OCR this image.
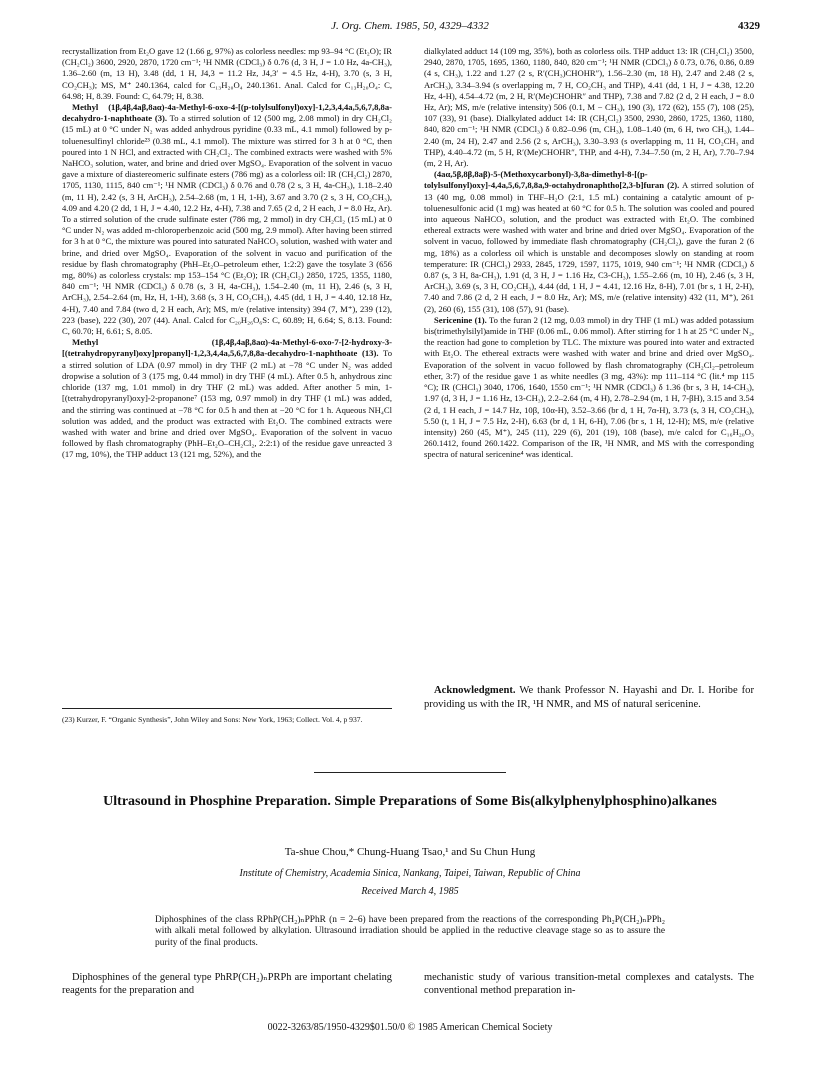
J. Org. Chem. 1985, 50, 4329–4332	4329

recrystallization from Et₂O gave 12 (1.66 g, 97%) as colorless needles: mp 93–94 °C (Et₂O); IR (CH₂Cl₂) 3600, 2920, 2870, 1720 cm⁻¹; ¹H NMR (CDCl₃) δ 0.76 (d, 3 H, J = 1.0 Hz, 4a-CH₃), 1.36–2.60 (m, 13 H), 3.48 (dd, 1 H, J4,3 = 11.2 Hz, J4,3′ = 4.5 Hz, 4-H), 3.70 (s, 3 H, CO₂CH₃); MS, M⁺ 240.1364, calcd for C₁₃H₂₀O₄ 240.1361. Anal. Calcd for C₁₃H₂₀O₄: C, 64.98; H, 8.39. Found: C, 64.79; H, 8.38.

Methyl (1β,4β,4aβ,8aα)-4a-Methyl-6-oxo-4-[(p-tolylsulfonyl)oxy]-1,2,3,4,4a,5,6,7,8,8a-decahydro-1-naphthoate (3). To a stirred solution of 12 (500 mg, 2.08 mmol) in dry CH₂Cl₂ (15 mL) at 0 °C under N₂ was added anhydrous pyridine (0.33 mL, 4.1 mmol) followed by p-toluenesulfinyl chloride²³ (0.38 mL, 4.1 mmol). The mixture was stirred for 3 h at 0 °C, then poured into 1 N HCl, and extracted with CH₂Cl₂. The combined extracts were washed with 5% NaHCO₃ solution, water, and brine and dried over MgSO₄. Evaporation of the solvent in vacuo gave a mixture of diastereomeric sulfinate esters (786 mg) as a colorless oil: IR (CH₂Cl₂) 2870, 1705, 1130, 1115, 840 cm⁻¹; ¹H NMR (CDCl₃) δ 0.76 and 0.78 (2 s, 3 H, 4a-CH₃), 1.18–2.40 (m, 11 H), 2.42 (s, 3 H, ArCH₃), 2.54–2.68 (m, 1 H, 1-H), 3.67 and 3.70 (2 s, 3 H, CO₂CH₃), 4.09 and 4.20 (2 dd, 1 H, J = 4.40, 12.2 Hz, 4-H), 7.38 and 7.65 (2 d, 2 H each, J = 8.0 Hz, Ar). To a stirred solution of the crude sulfinate ester (786 mg, 2 mmol) in dry CH₂Cl₂ (15 mL) at 0 °C under N₂ was added m-chloroperbenzoic acid (500 mg, 2.9 mmol). After having been stirred for 3 h at 0 °C, the mixture was poured into saturated NaHCO₃ solution, washed with water and brine, and dried over MgSO₄. Evaporation of the solvent in vacuo and purification of the residue by flash chromatography (PhH–Et₂O–petroleum ether, 1:2:2) gave the tosylate 3 (656 mg, 80%) as colorless crystals: mp 153–154 °C (Et₂O); IR (CH₂Cl₂) 2850, 1725, 1355, 1180, 840 cm⁻¹; ¹H NMR (CDCl₃) δ 0.78 (s, 3 H, 4a-CH₃), 1.54–2.40 (m, 11 H), 2.46 (s, 3 H, ArCH₃), 2.54–2.64 (m, Hz, H, 1-H), 3.68 (s, 3 H, CO₂CH₃), 4.45 (dd, 1 H, J = 4.40, 12.18 Hz, 4-H), 7.40 and 7.84 (two d, 2 H each, Ar); MS, m/e (relative intensity) 394 (7, M⁺), 239 (12), 223 (base), 222 (30), 207 (44). Anal. Calcd for C₂₀H₂₆O₆S: C, 60.89; H, 6.64; S, 8.13. Found: C, 60.70; H, 6.61; S, 8.05.

Methyl (1β,4β,4aβ,8aα)-4a-Methyl-6-oxo-7-[2-hydroxy-3-[(tetrahydropyranyl)oxy]propanyl]-1,2,3,4,4a,5,6,7,8,8a-decahydro-1-naphthoate (13). To a stirred solution of LDA (0.97 mmol) in dry THF (2 mL) at −78 °C under N₂ was added dropwise a solution of 3 (175 mg, 0.44 mmol) in dry THF (4 mL). After 0.5 h, anhydrous zinc chloride (137 mg, 1.01 mmol) in dry THF (2 mL) was added. After another 5 min, 1-[(tetrahydropyranyl)oxy]-2-propanone⁷ (153 mg, 0.97 mmol) in dry THF (1 mL) was added, and the stirring was continued at −78 °C for 0.5 h and then at −20 °C for 1 h. Aqueous NH₄Cl solution was added, and the product was extracted with Et₂O. The combined extracts were washed with water and brine and dried over MgSO₄. Evaporation of the solvent in vacuo followed by flash chromatography (PhH–Et₂O–CH₂Cl₂, 2:2:1) of the residue gave unreacted 3 (17 mg, 10%), the THP adduct 13 (121 mg, 52%), and the

dialkylated adduct 14 (109 mg, 35%), both as colorless oils. THP adduct 13: IR (CH₂Cl₂) 3500, 2940, 2870, 1705, 1695, 1360, 1180, 840, 820 cm⁻¹; ¹H NMR (CDCl₃) δ 0.73, 0.76, 0.86, 0.89 (4 s, CH₃), 1.22 and 1.27 (2 s, R′(CH₃)CHOHR″), 1.56–2.30 (m, 18 H), 2.47 and 2.48 (2 s, ArCH₃), 3.34–3.94 (s overlapping m, 7 H, CO₂CH₃ and THP), 4.41 (dd, 1 H, J = 4.38, 12.20 Hz, 4-H), 4.54–4.72 (m, 2 H, R′(Me)CHOHR″ and THP), 7.38 and 7.82 (2 d, 2 H each, J = 8.0 Hz, Ar); MS, m/e (relative intensity) 506 (0.1, M − CH₃), 190 (3), 172 (62), 155 (7), 108 (25), 107 (33), 91 (base). Dialkylated adduct 14: IR (CH₂Cl₂) 3500, 2930, 2860, 1725, 1360, 1180, 840, 820 cm⁻¹; ¹H NMR (CDCl₃) δ 0.82–0.96 (m, CH₃), 1.08–1.40 (m, 6 H, two CH₃), 1.44–2.40 (m, 24 H), 2.47 and 2.56 (2 s, ArCH₃), 3.30–3.93 (s overlapping m, 11 H, CO₂CH₃ and THP), 4.40–4.72 (m, 5 H, R′(Me)CHOHR″, THP, and 4-H), 7.34–7.50 (m, 2 H, Ar), 7.70–7.94 (m, 2 H, Ar).

(4aα,5β,8β,8aβ)-5-(Methoxycarbonyl)-3,8a-dimethyl-8-[(p-tolylsulfonyl)oxy]-4,4a,5,6,7,8,8a,9-octahydronaphtho[2,3-b]furan (2). A stirred solution of 13 (40 mg, 0.08 mmol) in THF–H₂O (2:1, 1.5 mL) containing a catalytic amount of p-toluenesulfonic acid (1 mg) was heated at 60 °C for 0.5 h. The solution was cooled and poured into aqueous NaHCO₃ solution, and the product was extracted with Et₂O. The combined ethereal extracts were washed with water and brine and dried over MgSO₄. Evaporation of the solvent in vacuo, followed by immediate flash chromatography (CH₂Cl₂), gave the furan 2 (6 mg, 18%) as a colorless oil which is unstable and decomposes slowly on standing at room temperature: IR (CHCl₃) 2933, 2845, 1729, 1597, 1175, 1019, 940 cm⁻¹; ¹H NMR (CDCl₃) δ 0.87 (s, 3 H, 8a-CH₃), 1.91 (d, 3 H, J = 1.16 Hz, C3-CH₃), 1.55–2.66 (m, 10 H), 2.46 (s, 3 H, ArCH₃), 3.69 (s, 3 H, CO₂CH₃), 4.44 (dd, 1 H, J = 4.41, 12.16 Hz, 8-H), 7.01 (br s, 1 H, 2-H), 7.40 and 7.86 (2 d, 2 H each, J = 8.0 Hz, Ar); MS, m/e (relative intensity) 432 (11, M⁺), 261 (2), 260 (6), 155 (31), 108 (57), 91 (base).

Sericenine (1). To the furan 2 (12 mg, 0.03 mmol) in dry THF (1 mL) was added potassium bis(trimethylsilyl)amide in THF (0.06 mL, 0.06 mmol). After stirring for 1 h at 25 °C under N₂, the reaction had gone to completion by TLC. The mixture was poured into water and extracted with Et₂O. The ethereal extracts were washed with water and brine and dried over MgSO₄. Evaporation of the solvent in vacuo followed by flash chromatography (CH₂Cl₂–petroleum ether, 3:7) of the residue gave 1 as white needles (3 mg, 43%): mp 111–114 °C (lit.⁴ mp 115 °C); IR (CHCl₃) 3040, 1706, 1640, 1550 cm⁻¹; ¹H NMR (CDCl₃) δ 1.36 (br s, 3 H, 14-CH₃), 1.97 (d, 3 H, J = 1.16 Hz, 13-CH₃), 2.2–2.64 (m, 4 H), 2.78–2.94 (m, 1 H, 7-βH), 3.15 and 3.54 (2 d, 1 H each, J = 14.7 Hz, 10β, 10α-H), 3.52–3.66 (br d, 1 H, 7α-H), 3.73 (s, 3 H, CO₂CH₃), 5.50 (t, 1 H, J = 7.5 Hz, 2-H), 6.63 (br d, 1 H, 6-H), 7.06 (br s, 1 H, 12-H); MS, m/e (relative intensity) 260 (45, M⁺), 245 (11), 229 (6), 201 (19), 108 (base), m/e calcd for C₁₆H₂₀O₃ 260.1412, found 260.1422. Comparison of the IR, ¹H NMR, and MS with the corresponding spectra of natural sericenine⁴ was identical.

(23) Kurzer, F. “Organic Synthesis”, John Wiley and Sons: New York, 1963; Collect. Vol. 4, p 937.
Acknowledgment. We thank Professor N. Hayashi and Dr. I. Horibe for providing us with the IR, ¹H NMR, and MS of natural sericenine.
Ultrasound in Phosphine Preparation. Simple Preparations of Some Bis(alkylphenylphosphino)alkanes
Ta-shue Chou,* Chung-Huang Tsao,¹ and Su Chun Hung
Institute of Chemistry, Academia Sinica, Nankang, Taipei, Taiwan, Republic of China
Received March 4, 1985
Diphosphines of the class RPhP(CH₂)ₙPPhR (n = 2–6) have been prepared from the reactions of the corresponding Ph₂P(CH₂)ₙPPh₂ with alkali metal followed by alkylation. Ultrasound irradiation should be applied in the reductive cleavage stage so as to assure the purity of the final products.
Diphosphines of the general type PhRP(CH₂)ₙPRPh are important chelating reagents for the preparation and
mechanistic study of various transition-metal complexes and catalysts. The conventional method preparation in-
0022-3263/85/1950-4329$01.50/0 © 1985 American Chemical Society
